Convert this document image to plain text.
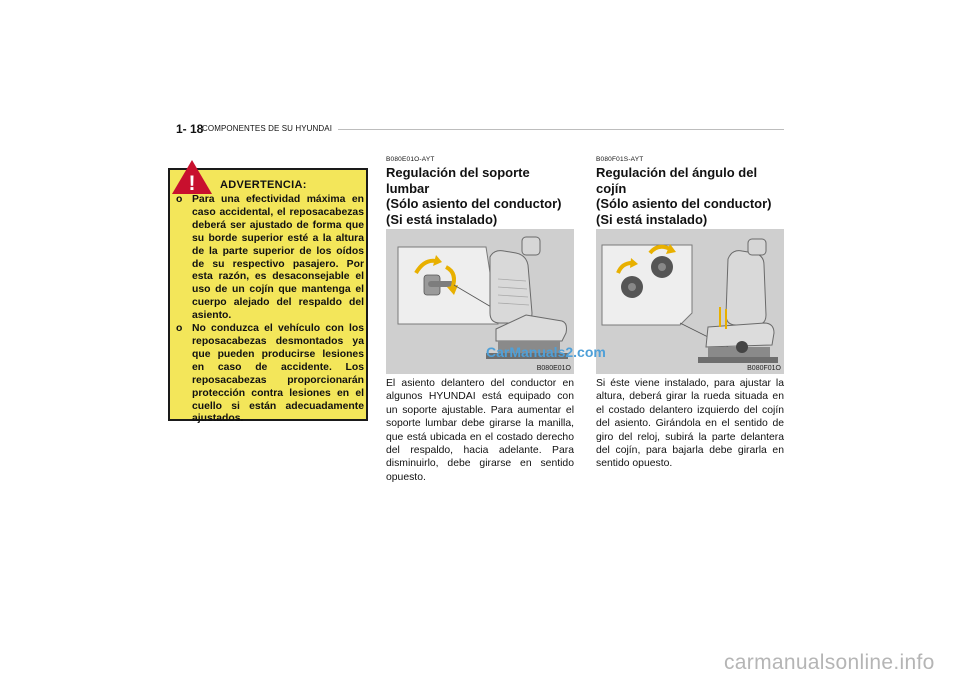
1- 18
COMPONENTES DE SU HYUNDAI
! ADVERTENCIA:
o Para una efectividad máxima en caso accidental, el reposacabezas deberá ser ajustado de forma que su borde superior esté a la altura de la parte superior de los oídos de su respectivo pasajero. Por esta razón, es desaconsejable el uso de un cojín que mantenga el cuerpo alejado del respaldo del asiento.
o No conduzca el vehículo con los reposacabezas desmontados ya que pueden producirse lesiones en caso de accidente. Los reposacabezas proporcionarán protección contra lesiones en el cuello si están adecuadamente ajustados.
B080E01O-AYT
Regulación del soporte lumbar
(Sólo asiento del conductor)
(Si está instalado)
B080E01O
El asiento delantero del conductor en algunos HYUNDAI está equipado con un soporte ajustable. Para aumentar el soporte lumbar debe girarse la manilla, que está ubicada en el costado derecho del respaldo, hacia adelante. Para disminuirlo, debe girarse en sentido opuesto.
B080F01S-AYT
Regulación del ángulo del cojín
(Sólo asiento del conductor)
(Si está instalado)
B080F01O
Si éste viene instalado, para ajustar la altura, deberá girar la rueda situada en el costado delantero izquierdo del cojín del asiento. Girándola en el sentido de giro del reloj, subirá la parte delantera del cojín, para bajarla debe girarla en sentido opuesto.
CarManuals2.com
carmanualsonline.info
